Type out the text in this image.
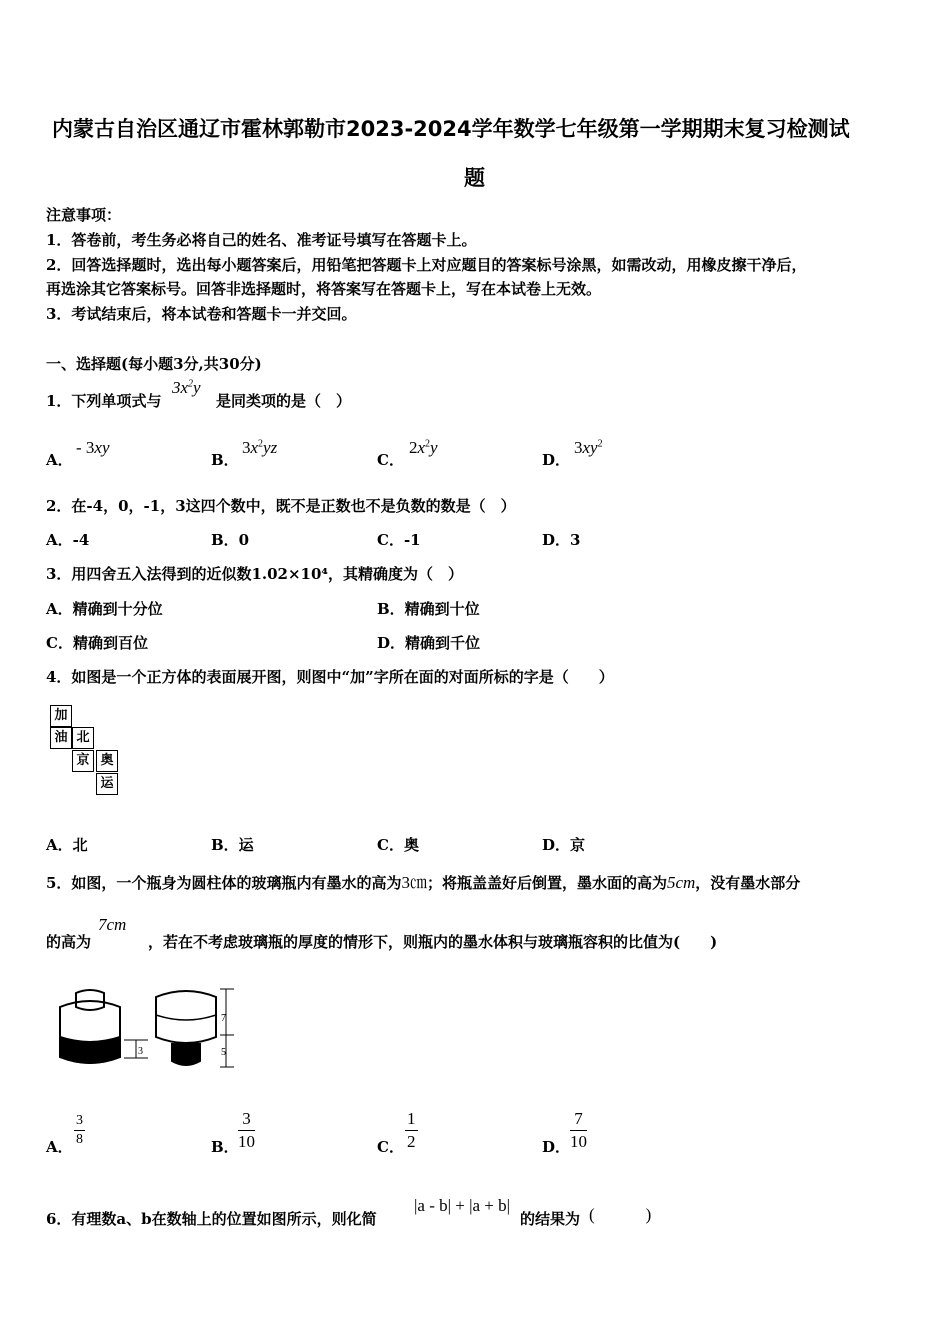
内蒙古自治区通辽市霍林郭勒市2023-2024学年数学七年级第一学期期末复习检测试
题
注意事项：
1．答卷前，考生务必将自己的姓名、准考证号填写在答题卡上。
2．回答选择题时，选出每小题答案后，用铅笔把答题卡上对应题目的答案标号涂黑，如需改动，用橡皮擦干净后，
再选涂其它答案标号。回答非选择题时，将答案写在答题卡上，写在本试卷上无效。
3．考试结束后，将本试卷和答题卡一并交回。
一、选择题(每小题3分,共30分)
1．下列单项式与
$3x^2y$
是同类项的是（　）
A．
- 3xy
B．
$3x^2yz$
C．
$2x^2y$
D．
$3xy^2$
2．在-4，0，-1，3这四个数中，既不是正数也不是负数的数是（　）
A．-4	B．0	C．-1	D．3
3．用四舍五入法得到的近似数1.02×10⁴，其精确度为（　）
A．精确到十分位	B．精确到十位
C．精确到百位	D．精确到千位
4．如图是一个正方体的表面展开图，则图中“加”字所在面的对面所标的字是（　　）
加
油 北
京 奥
运
A．北	B．运	C．奥	D．京
5．如图，一个瓶身为圆柱体的玻璃瓶内有墨水的高为3㎝；将瓶盖盖好后倒置，墨水面的高为5cm，没有墨水部分
的高为
7cm
，若在不考虑玻璃瓶的厚度的情形下，则瓶内的墨水体积与玻璃瓶容积的比值为(　　)
3
7
5
A． $\frac{3}{8}$	B． $\frac{3}{10}$	C． $\frac{1}{2}$	D． $\frac{7}{10}$
6．有理数a、b在数轴上的位置如图所示，则化简
|a - b| + |a + b|
的结果为 (　　　)
